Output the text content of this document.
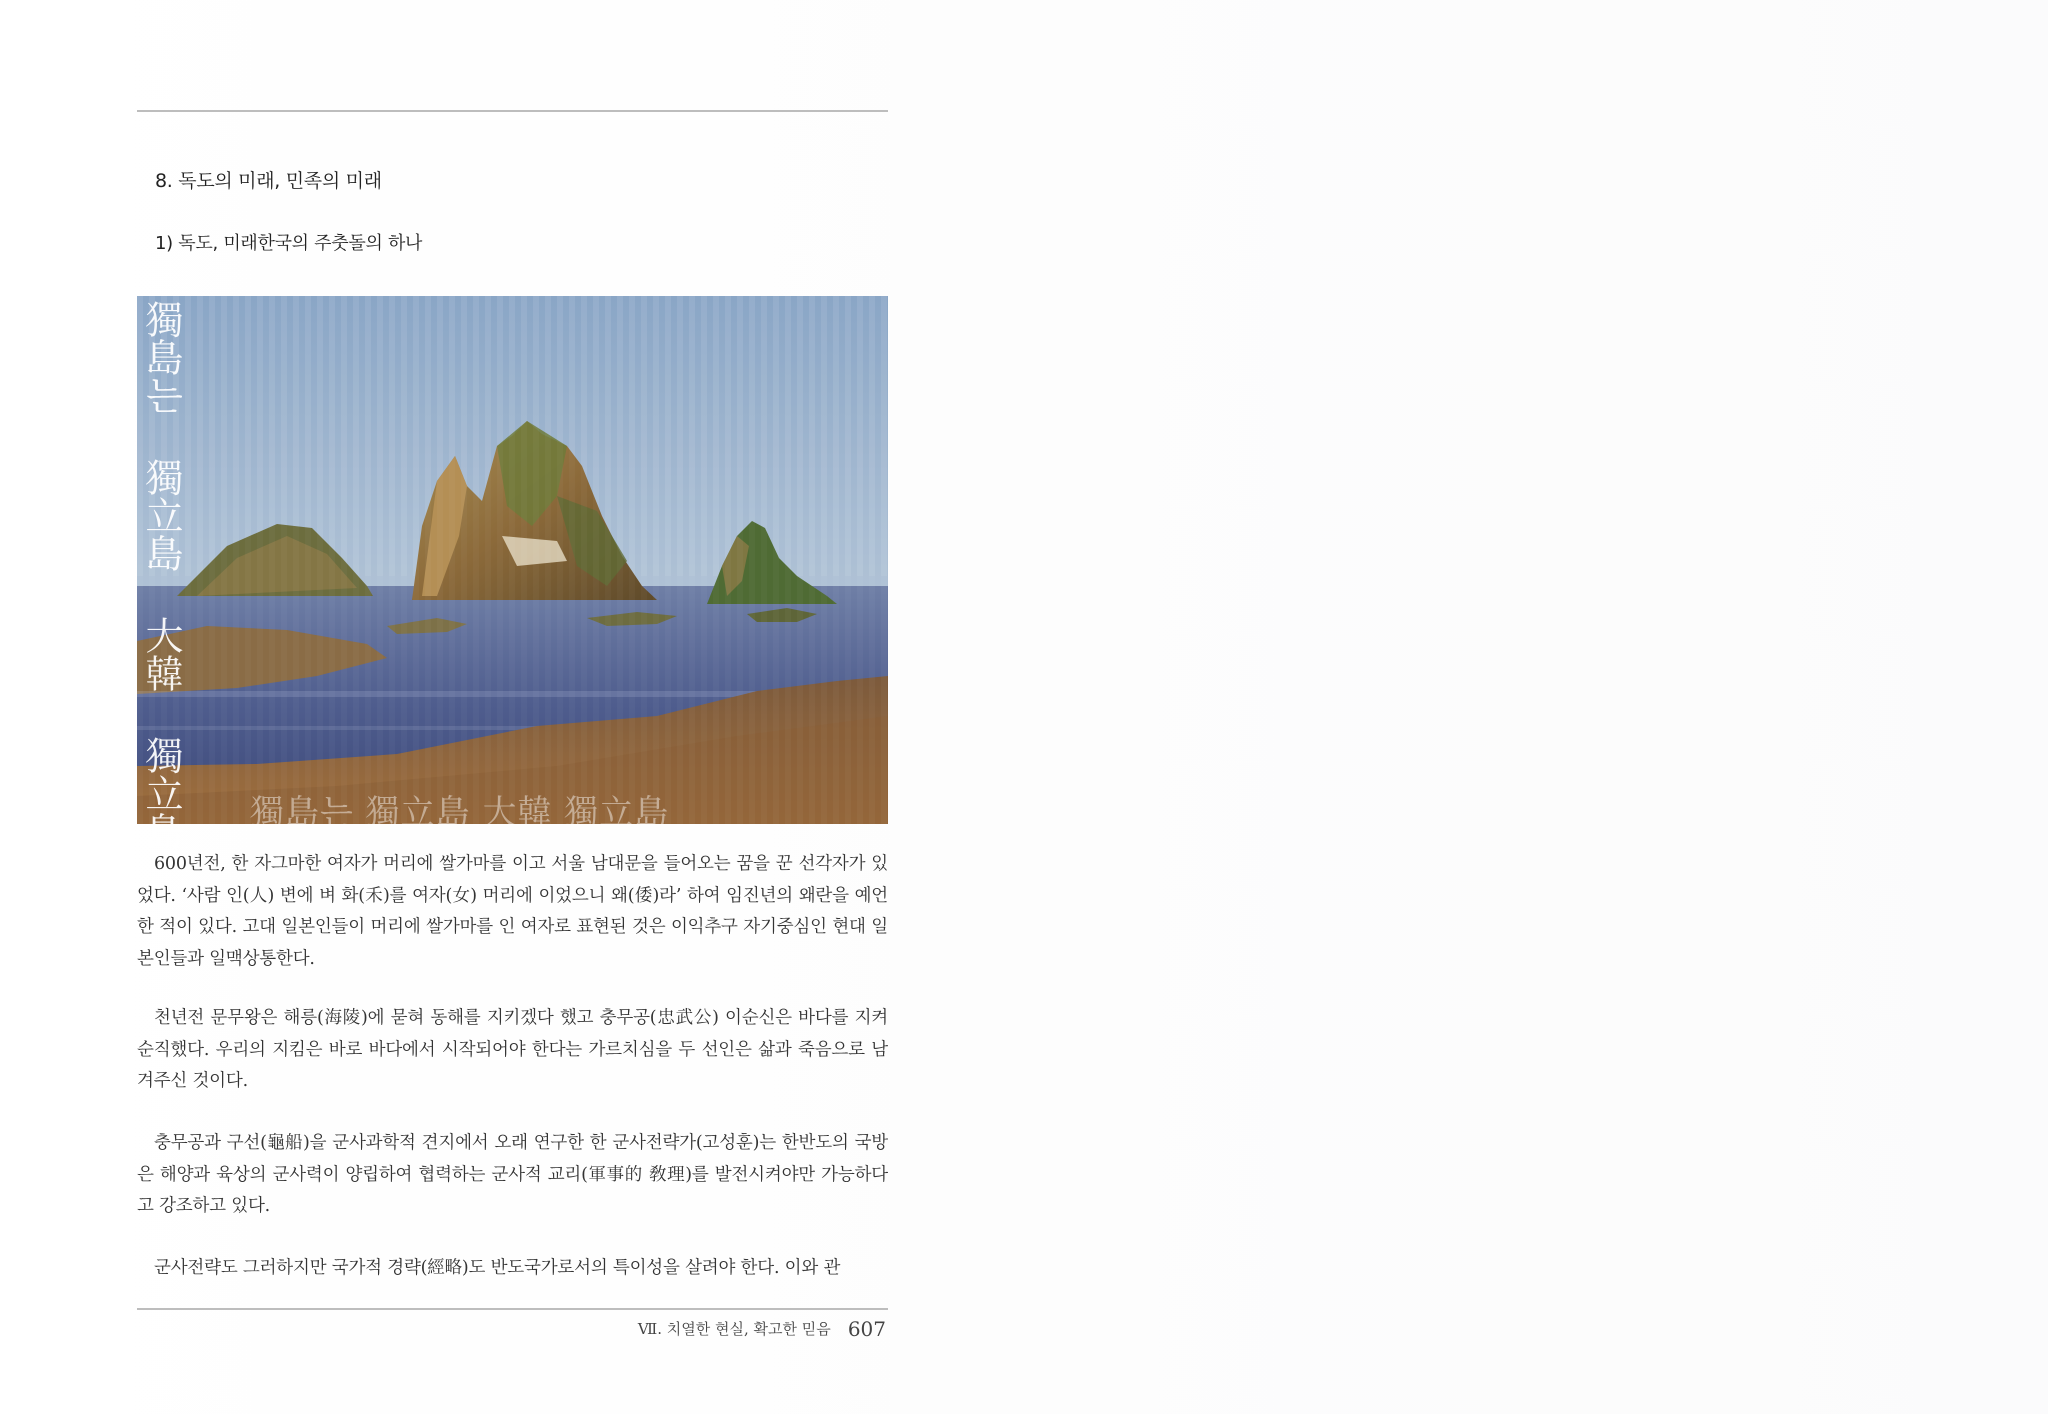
8. 독도의 미래, 민족의 미래
1) 독도, 미래한국의 주춧돌의 하나
獨島는 獨立島 大韓 獨立島 獨島는 獨立島 大韓 獨立島
600년전, 한 자그마한 여자가 머리에 쌀가마를 이고 서울 남대문을 들어오는 꿈을 꾼 선각자가 있었다. ‘사람 인(人) 변에 벼 화(禾)를 여자(女) 머리에 이었으니 왜(倭)라’ 하여 임진년의 왜란을 예언한 적이 있다. 고대 일본인들이 머리에 쌀가마를 인 여자로 표현된 것은 이익추구 자기중심인 현대 일본인들과 일맥상통한다.
천년전 문무왕은 해릉(海陵)에 묻혀 동해를 지키겠다 했고 충무공(忠武公) 이순신은 바다를 지켜 순직했다. 우리의 지킴은 바로 바다에서 시작되어야 한다는 가르치심을 두 선인은 삶과 죽음으로 남겨주신 것이다.
충무공과 구선(龜船)을 군사과학적 견지에서 오래 연구한 한 군사전략가(고성훈)는 한반도의 국방은 해양과 육상의 군사력이 양립하여 협력하는 군사적 교리(軍事的 敎理)를 발전시켜야만 가능하다고 강조하고 있다.
군사전략도 그러하지만 국가적 경략(經略)도 반도국가로서의 특이성을 살려야 한다. 이와 관
Ⅶ. 치열한 현실, 확고한 믿음 607
